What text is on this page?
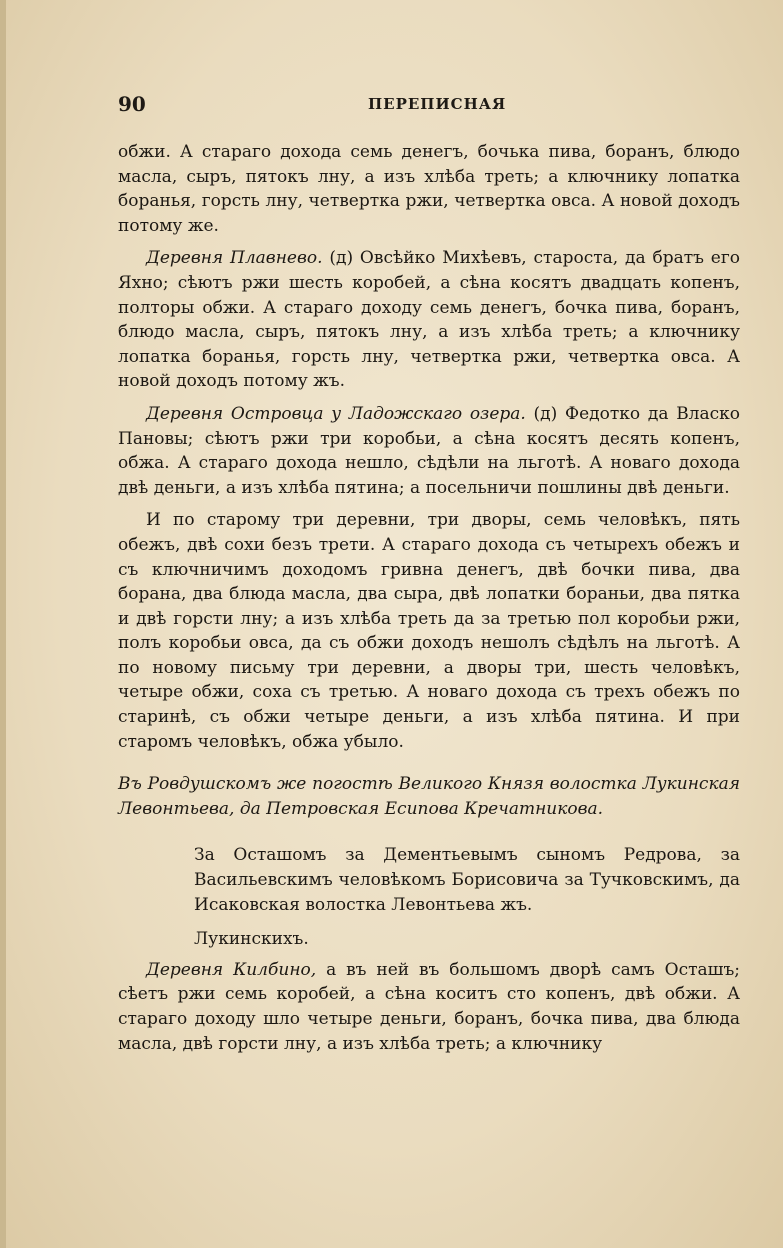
90	ПЕРЕПИСНАЯ

обжи. А стараго дохода семь денегъ, бочька пива, боранъ, блюдо масла, сыръ, пятокъ лну, а изъ хлѣба треть; а ключнику лопатка боранья, горсть лну, четвертка ржи, четвертка овса. А новой доходъ потому же.

Деревня Плавнево. (д) Овсѣйко Михѣевъ, староста, да братъ его Яхно; сѣютъ ржи шесть коробей, а сѣна косятъ двадцать копенъ, полторы обжи. А стараго доходу семь денегъ, бочка пива, боранъ, блюдо масла, сыръ, пятокъ лну, а изъ хлѣба треть; а ключнику лопатка боранья, горсть лну, четвертка ржи, четвертка овса. А новой доходъ потому жъ.

Деревня Островца у Ладожскаго озера. (д) Федотко да Власко Пановы; сѣютъ ржи три коробьи, а сѣна косятъ десять копенъ, обжа. А стараго дохода нешло, сѣдѣли на льготѣ. А новаго дохода двѣ деньги, а изъ хлѣба пятина; а посельничи пошлины двѣ деньги.

И по старому три деревни, три дворы, семь человѣкъ, пять обежъ, двѣ сохи безъ трети. А стараго дохода съ четырехъ обежъ и съ ключничимъ доходомъ гривна денегъ, двѣ бочки пива, два борана, два блюда масла, два сыра, двѣ лопатки бораньи, два пятка и двѣ горсти лну; а изъ хлѣба треть да за третью пол коробьи ржи, полъ коробьи овса, да съ обжи доходъ нешолъ сѣдѣлъ на льготѣ. А по новому письму три деревни, а дворы три, шесть человѣкъ, четыре обжи, соха съ третью. А новаго дохода съ трехъ обежъ по старинѣ, съ обжи четыре деньги, а изъ хлѣба пятина. И при старомъ человѣкъ, обжа убыло.

Въ Ровдушскомъ же погостѣ Великого Князя волостка Лукинская Левонтьева, да Петровская Есипова Кречатникова.

За Осташомъ за Дементьевымъ сыномъ Редрова, за Васильевскимъ человѣкомъ Борисовича за Тучковскимъ, да Исаковская волостка Левонтьева жъ.

Лукинскихъ.

Деревня Килбино, а въ ней въ большомъ дворѣ самъ Осташъ; сѣетъ ржи семь коробей, а сѣна коситъ сто копенъ, двѣ обжи. А стараго доходу шло четыре деньги, боранъ, бочка пива, два блюда масла, двѣ горсти лну, а изъ хлѣба треть; а ключнику
